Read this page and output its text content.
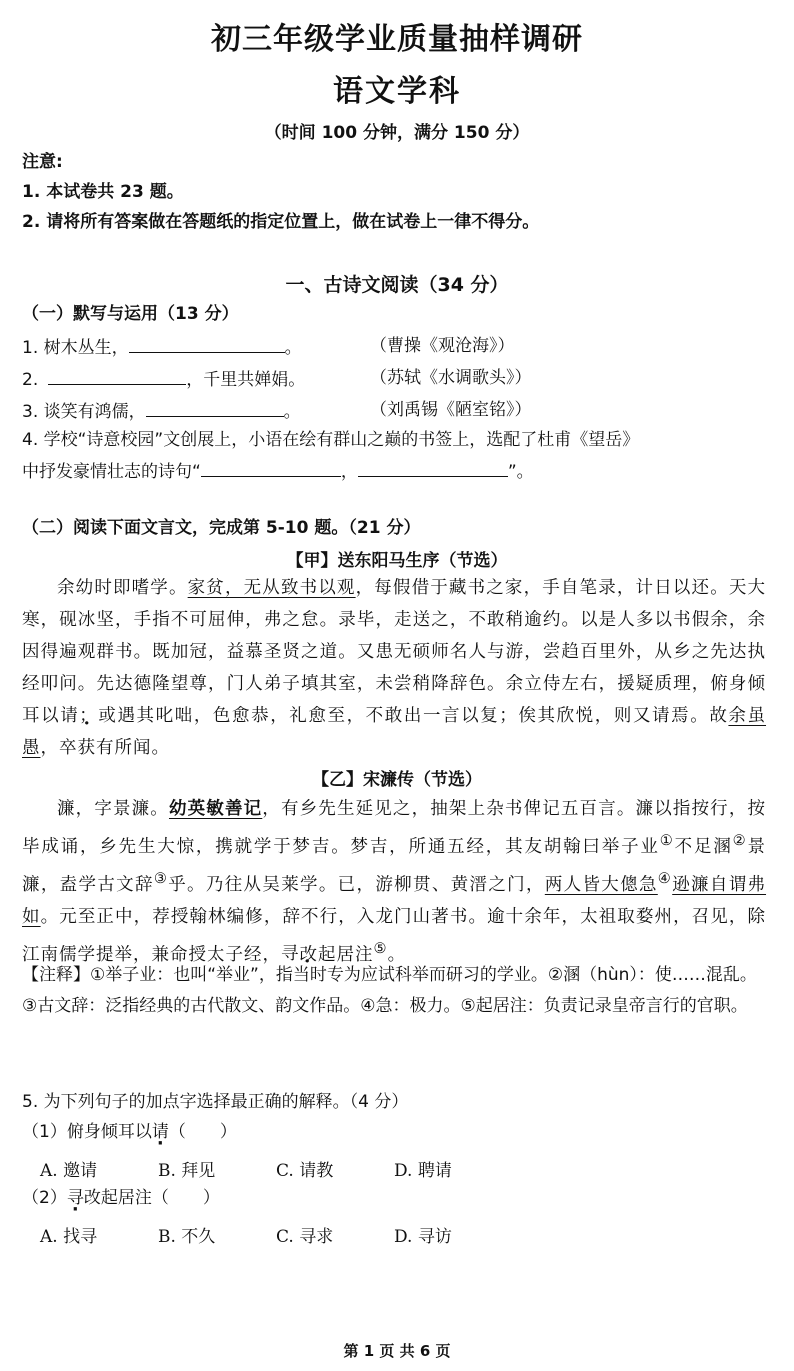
初三年级学业质量抽样调研
语文学科
（时间 100 分钟，满分 150 分）
注意:
1. 本试卷共 23 题。
2. 请将所有答案做在答题纸的指定位置上，做在试卷上一律不得分。
一、古诗文阅读（34 分）
（一）默写与运用（13 分）
1. 树木丛生，	。	（曹操《观沧海》）
2.	，千里共婵娟。	（苏轼《水调歌头》）
3. 谈笑有鸿儒，	。	（刘禹锡《陋室铭》）
4. 学校“诗意校园”文创展上，小语在绘有群山之巅的书签上，选配了杜甫《望岳》
中抒发豪情壮志的诗句“	，	”。
（二）阅读下面文言文，完成第 5-10 题。（21 分）
【甲】送东阳马生序（节选）
余幼时即嗜学。家贫，无从致书以观，每假借于藏书之家，手自笔录，计日以还。天大寒，砚冰坚，手指不可屈伸，弗之怠。录毕，走送之，不敢稍逾约。以是人多以书假余，余因得遍观群书。既加冠，益慕圣贤之道。又患无硕师名人与游，尝趋百里外，从乡之先达执经叩问。先达德隆望尊，门人弟子填其室，未尝稍降辞色。余立侍左右，援疑质理，俯身倾耳以请；或遇其叱咄，色愈恭，礼愈至，不敢出一言以复；俟其欣悦，则又请焉。故余虽愚，卒获有所闻。
【乙】宋濂传（节选）
濂，字景濂。幼英敏善记，有乡先生延见之，抽架上杂书俾记五百言。濂以指按行，按毕成诵，乡先生大惊，携就学于梦吉。梦吉，所通五经，其友胡翰曰举子业①不足溷②景濂，盍学古文辞③乎。乃往从吴莱学。已，游柳贯、黄溍之门，两人皆大傯急④逊濂自谓弗如。元至正中，荐授翰林编修，辞不行，入龙门山著书。逾十余年，太祖取婺州，召见，除江南儒学提举，兼命授太子经，寻改起居注⑤。
【注释】①举子业：也叫“举业”，指当时专为应试科举而研习的学业。②溷（hùn）：使……混乱。③古文辞：泛指经典的古代散文、韵文作品。④急：极力。⑤起居注：负责记录皇帝言行的官职。
5. 为下列句子的加点字选择最正确的解释。（4 分）
（1）俯身倾耳以请（　　）
A. 邀请	B. 拜见	C. 请教	D. 聘请
（2）寻改起居注（　　）
A. 找寻	B. 不久	C. 寻求	D. 寻访
第 1 页 共 6 页
